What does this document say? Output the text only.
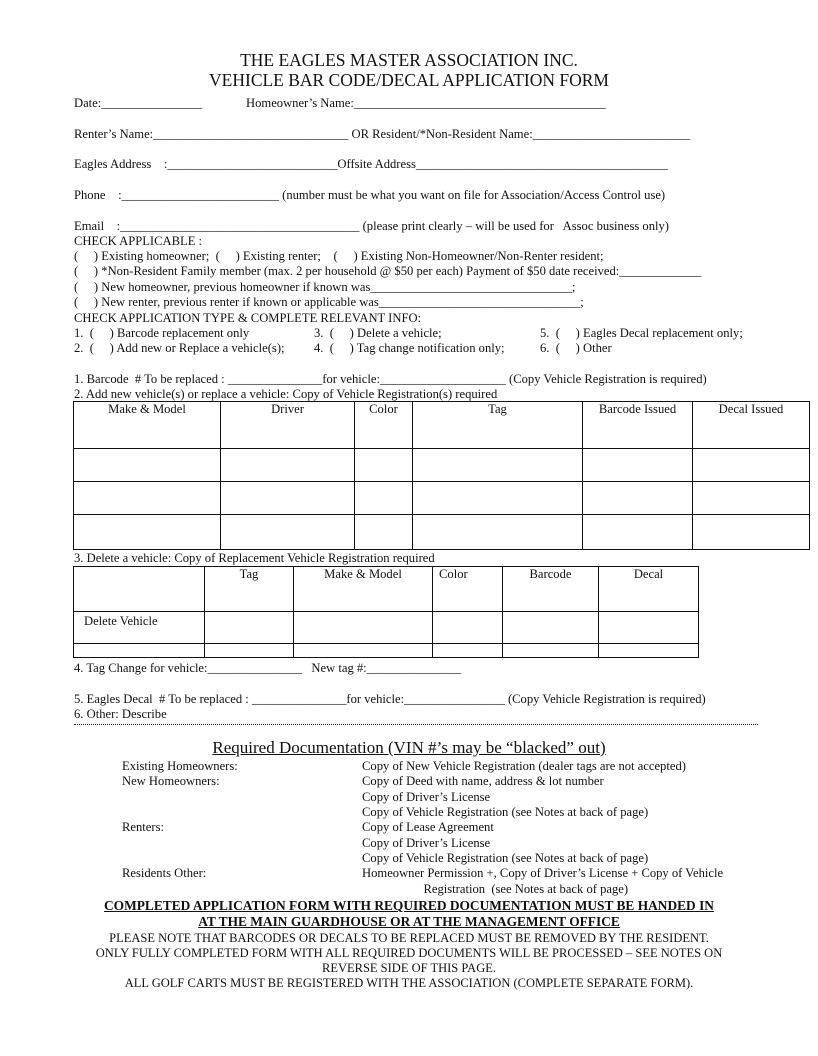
THE EAGLES MASTER ASSOCIATION INC.
VEHICLE BAR CODE/DECAL APPLICATION FORM
Date:________________	Homeowner’s Name:________________________________________
Renter’s Name:_______________________________ OR Resident/*Non-Resident Name:_________________________
Eagles Address    :___________________________Offsite Address________________________________________
Phone    :_________________________ (number must be what you want on file for Association/Access Control use)
Email    :______________________________________ (please print clearly – will be used for   Assoc business only)
CHECK APPLICABLE :
(     ) Existing homeowner;  (     ) Existing renter;    (     ) Existing Non-Homeowner/Non-Renter resident;
(     ) *Non-Resident Family member (max. 2 per household @ $50 per each) Payment of $50 date received:_____________
(     ) New homeowner, previous homeowner if known was________________________________;
(     ) New renter, previous renter if known or applicable was________________________________;
CHECK APPLICATION TYPE & COMPLETE RELEVANT INFO:
1.  (     ) Barcode replacement only	3.  (     ) Delete a vehicle;	5.  (     ) Eagles Decal replacement only;
2.  (     ) Add new or Replace a vehicle(s); 4.  (     ) Tag change notification only;	6.  (     ) Other
1. Barcode  # To be replaced : _______________for vehicle:____________________ (Copy Vehicle Registration is required)
2. Add new vehicle(s) or replace a vehicle: Copy of Vehicle Registration(s) required
Make & Model	Driver	Color	Tag	Barcode Issued	Decal Issued

3. Delete a vehicle: Copy of Replacement Vehicle Registration required
	Tag	Make & Model	Color	Barcode	Decal
Delete Vehicle					

4. Tag Change for vehicle:_______________   New tag #:_______________
5. Eagles Decal  # To be replaced : _______________for vehicle:________________ (Copy Vehicle Registration is required)
6. Other: Describe
Required Documentation (VIN #’s may be “blacked” out)
Existing Homeowners:	Copy of New Vehicle Registration (dealer tags are not accepted)
New Homeowners:	Copy of Deed with name, address & lot number
Copy of Driver’s License
Copy of Vehicle Registration (see Notes at back of page)
Renters:	Copy of Lease Agreement
Copy of Driver’s License
Copy of Vehicle Registration (see Notes at back of page)
Residents Other:	Homeowner Permission +, Copy of Driver’s License + Copy of Vehicle
Registration  (see Notes at back of page)
COMPLETED APPLICATION FORM WITH REQUIRED DOCUMENTATION MUST BE HANDED IN
AT THE MAIN GUARDHOUSE OR AT THE MANAGEMENT OFFICE
PLEASE NOTE THAT BARCODES OR DECALS TO BE REPLACED MUST BE REMOVED BY THE RESIDENT.
ONLY FULLY COMPLETED FORM WITH ALL REQUIRED DOCUMENTS WILL BE PROCESSED – SEE NOTES ON
REVERSE SIDE OF THIS PAGE.
ALL GOLF CARTS MUST BE REGISTERED WITH THE ASSOCIATION (COMPLETE SEPARATE FORM).
